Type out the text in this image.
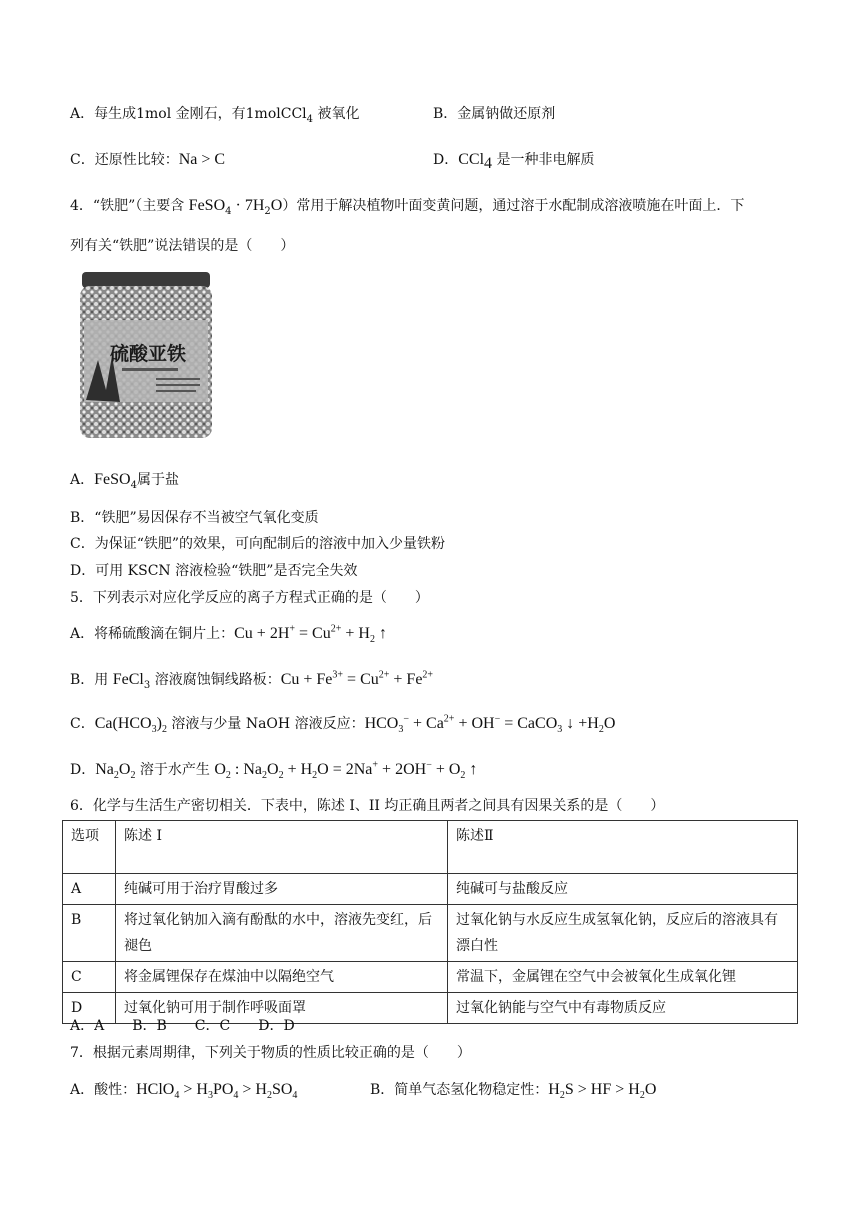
A．每生成1mol 金刚石，有1molCCl$_4$ 被氧化	B．金属钠做还原剂
C．还原性比较：Na > C	D．CCl$_4$ 是一种非电解质
4．“铁肥”（主要含 FeSO$_4$ · $7H_2O$）常用于解决植物叶面变黄问题，通过溶于水配制成溶液喷施在叶面上．下
列有关“铁肥”说法错误的是（　　）
硫酸亚铁
A．FeSO$_4$属于盐
B．“铁肥”易因保存不当被空气氧化变质
C．为保证“铁肥”的效果，可向配制后的溶液中加入少量铁粉
D．可用 KSCN 溶液检验“铁肥”是否完全失效
5．下列表示对应化学反应的离子方程式正确的是（　　）
A．将稀硫酸滴在铜片上：$Cu + 2H^+ = Cu^{2+} + H_2$ ↑
B．用 FeCl$_3$ 溶液腐蚀铜线路板：$Cu + Fe^{3+} = Cu^{2+} + Fe^{2+}$
C．$Ca(HCO_3)_2$ 溶液与少量 NaOH 溶液反应：$HCO_3^- + Ca^{2+} + OH^-$ = CaCO$_3$ ↓ $+H_2O$
D．$Na_2O_2$ 溶于水产生 $O_2$ : $Na_2O_2 + H_2O = 2Na^+ + 2OH^- + O_2$ ↑
6．化学与生活生产密切相关．下表中，陈述 I、II 均正确且两者之间具有因果关系的是（　　）
选项	陈述 I	陈述Ⅱ
A	纯碱可用于治疗胃酸过多	纯碱可与盐酸反应
B	将过氧化钠加入滴有酚酞的水中，溶液先变红，后褪色	过氧化钠与水反应生成氢氧化钠，反应后的溶液具有漂白性
C	将金属锂保存在煤油中以隔绝空气	常温下，金属锂在空气中会被氧化生成氧化锂
D	过氧化钠可用于制作呼吸面罩	过氧化钠能与空气中有毒物质反应
A．A　　B．B　　C．C　　D．D
7．根据元素周期律，下列关于物质的性质比较正确的是（　　）
A．酸性：HClO$_4$ > $H_3PO_4 > H_2SO_4$	B．简单气态氢化物稳定性：$H_2S$ > HF > $H_2O$
